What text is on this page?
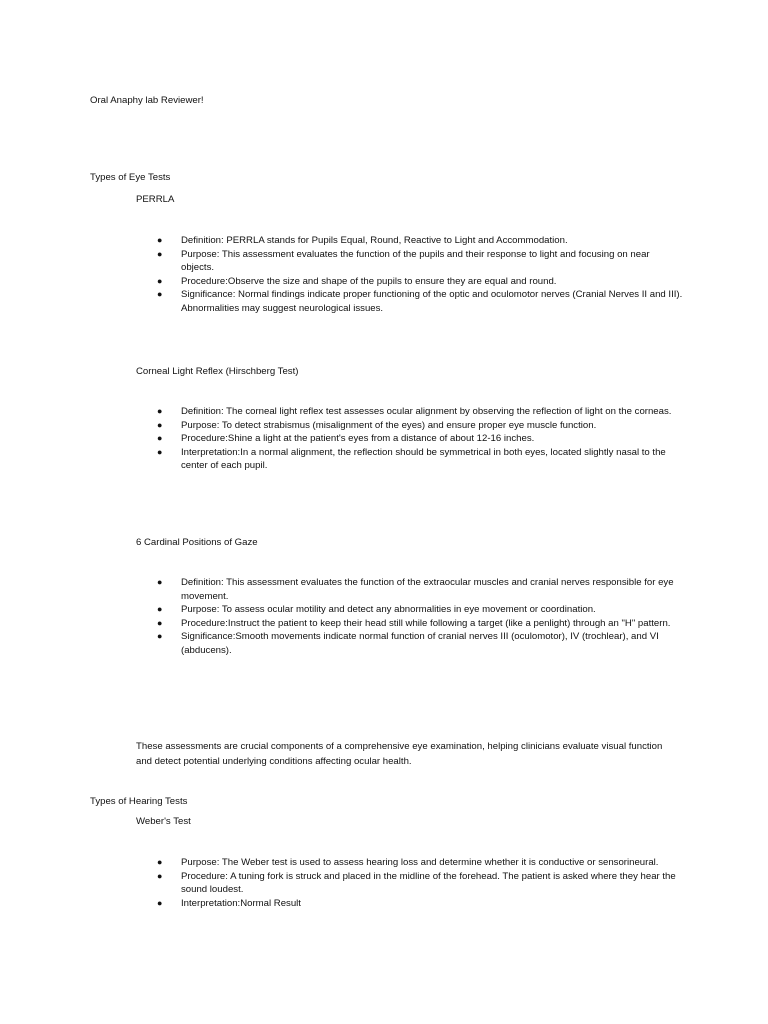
Oral Anaphy lab Reviewer!
Types of Eye Tests
PERRLA
● Definition: PERRLA stands for Pupils Equal, Round, Reactive to Light and Accommodation.
● Purpose: This assessment evaluates the function of the pupils and their response to light and focusing on near objects.
● Procedure:Observe the size and shape of the pupils to ensure they are equal and round.
● Significance: Normal findings indicate proper functioning of the optic and oculomotor nerves (Cranial Nerves II and III). Abnormalities may suggest neurological issues.
Corneal Light Reflex (Hirschberg Test)
● Definition: The corneal light reflex test assesses ocular alignment by observing the reflection of light on the corneas.
● Purpose: To detect strabismus (misalignment of the eyes) and ensure proper eye muscle function.
● Procedure:Shine a light at the patient's eyes from a distance of about 12-16 inches.
● Interpretation:In a normal alignment, the reflection should be symmetrical in both eyes, located slightly nasal to the center of each pupil.
6 Cardinal Positions of Gaze
● Definition: This assessment evaluates the function of the extraocular muscles and cranial nerves responsible for eye movement.
● Purpose: To assess ocular motility and detect any abnormalities in eye movement or coordination.
● Procedure:Instruct the patient to keep their head still while following a target (like a penlight) through an "H" pattern.
● Significance:Smooth movements indicate normal function of cranial nerves III (oculomotor), IV (trochlear), and VI (abducens).
These assessments are crucial components of a comprehensive eye examination, helping clinicians evaluate visual function and detect potential underlying conditions affecting ocular health.
Types of Hearing Tests
Weber's Test
● Purpose: The Weber test is used to assess hearing loss and determine whether it is conductive or sensorineural.
● Procedure: A tuning fork is struck and placed in the midline of the forehead. The patient is asked where they hear the sound loudest.
● Interpretation:Normal Result
